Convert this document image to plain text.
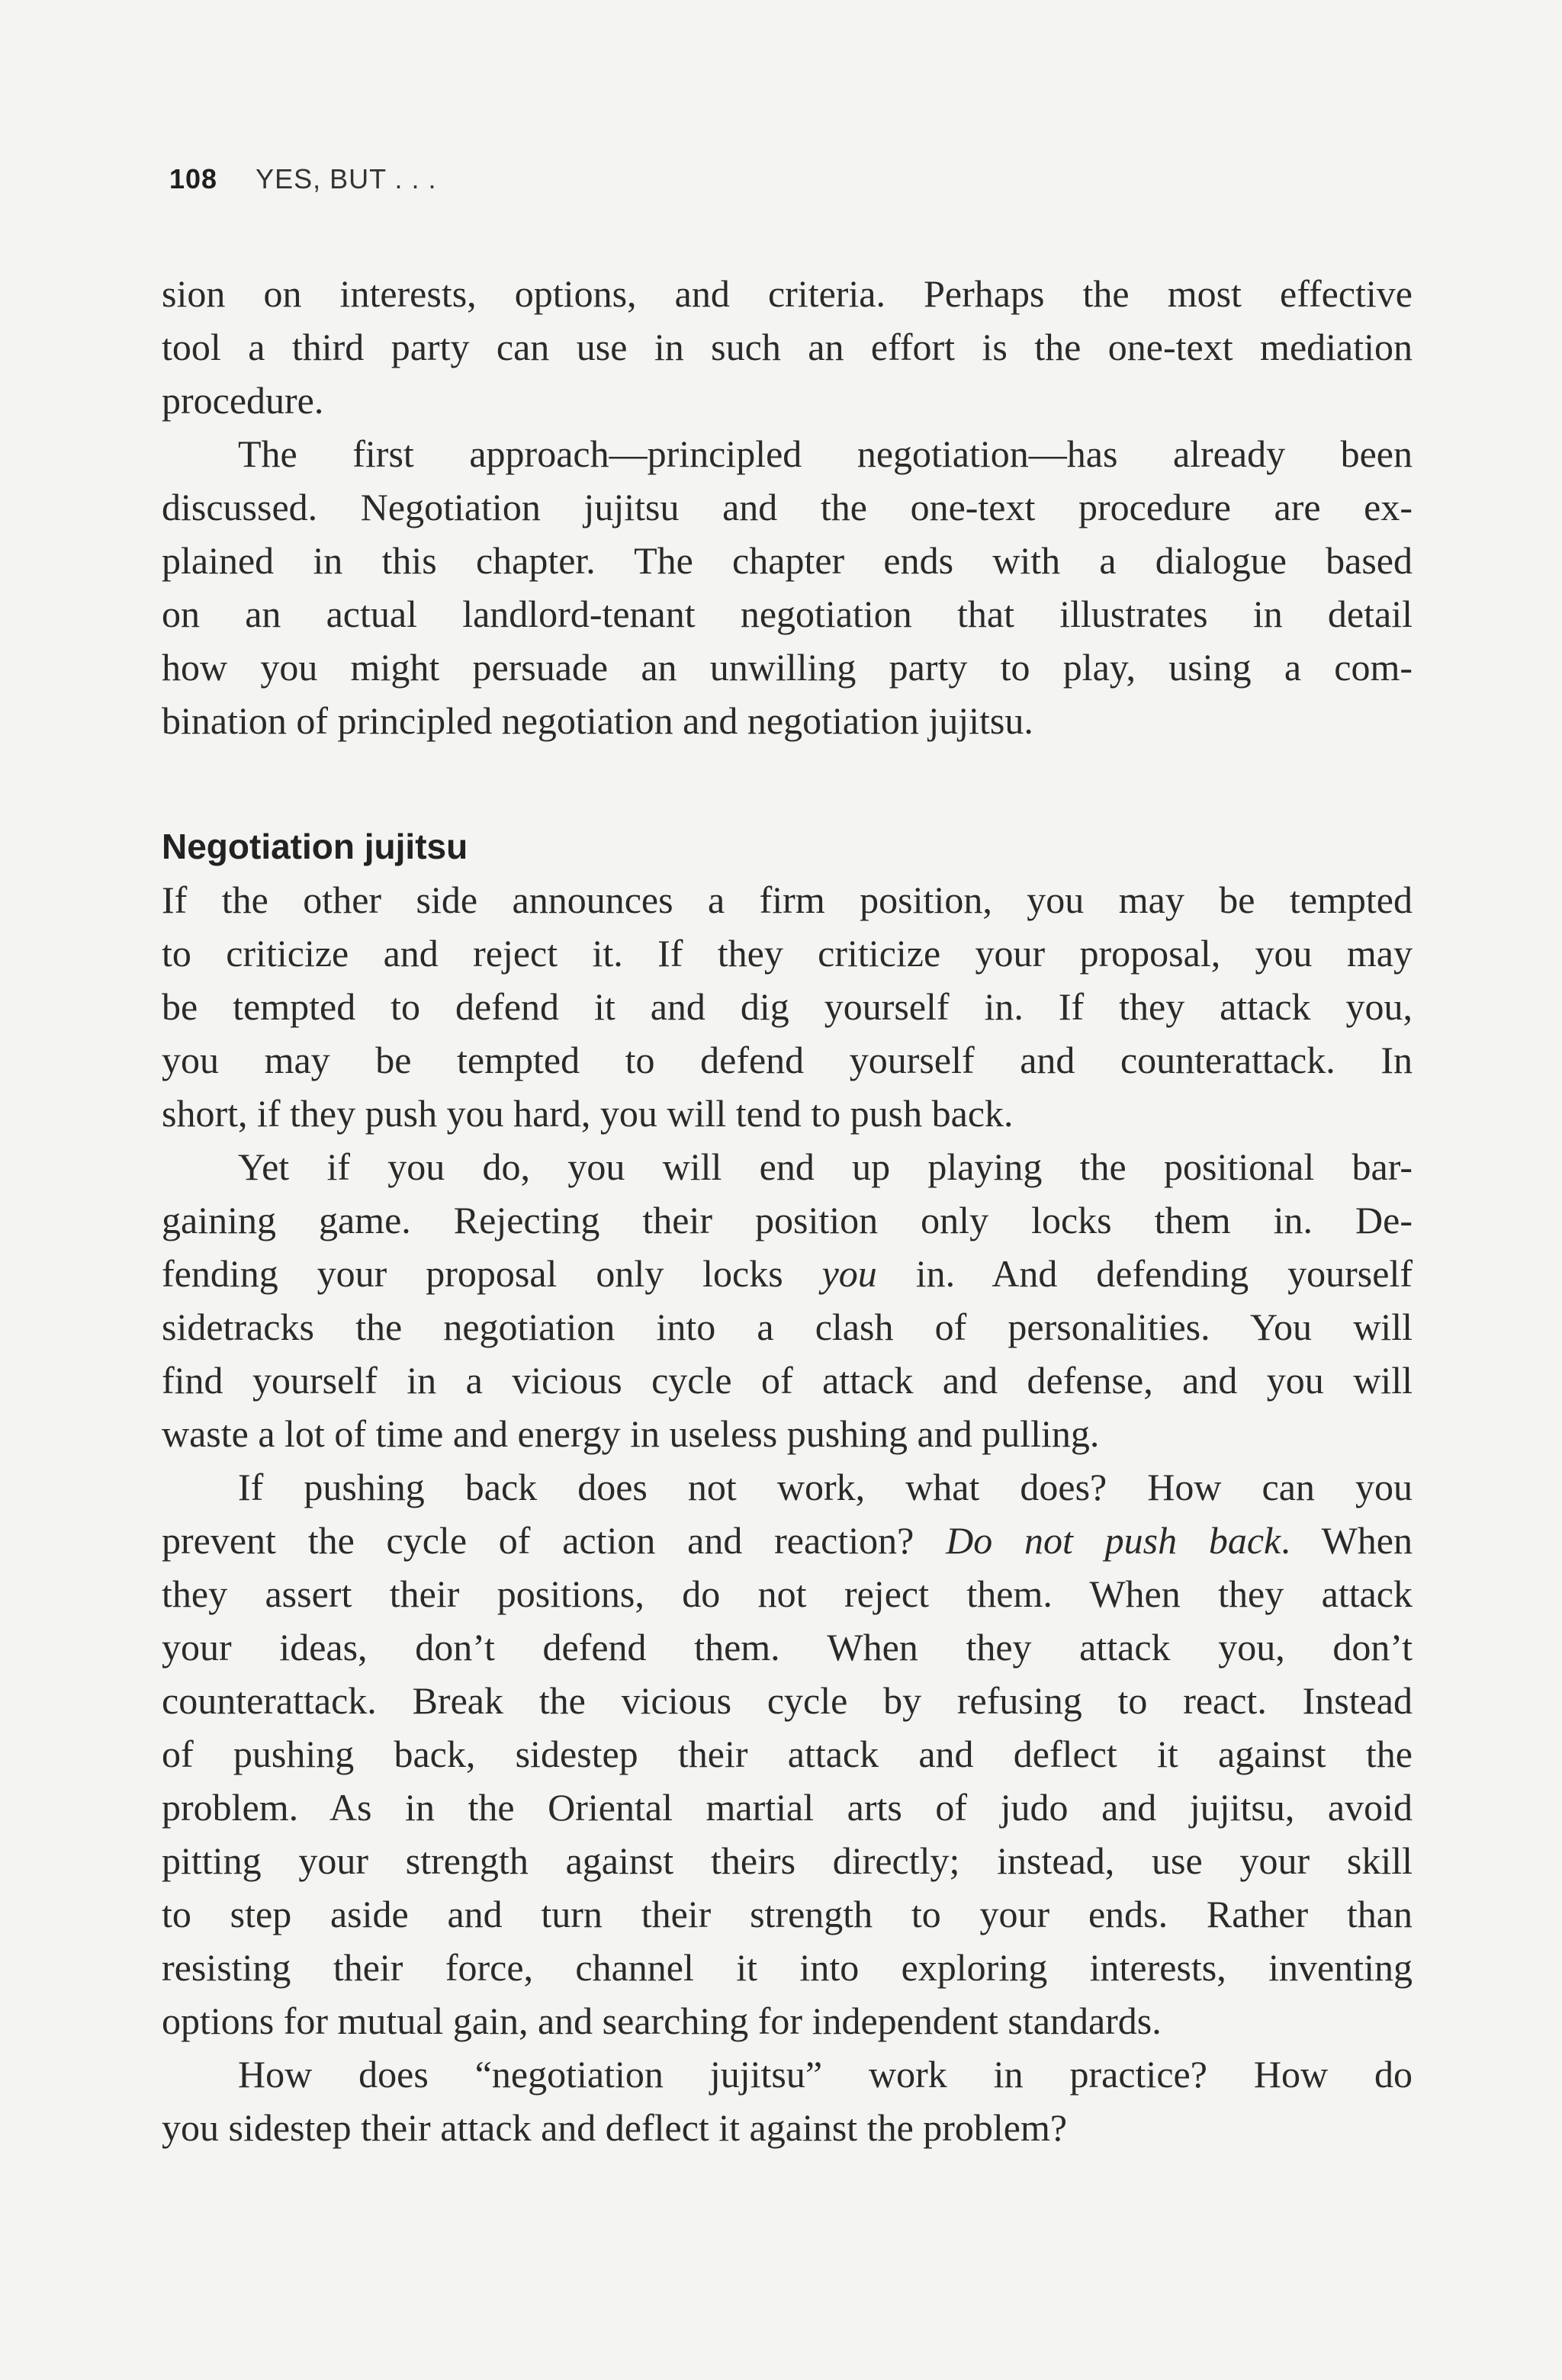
108 YES, BUT . . .
sion on interests, options, and criteria. Perhaps the most effective
tool a third party can use in such an effort is the one-text mediation
procedure.
The first approach—principled negotiation—has already been
discussed. Negotiation jujitsu and the one-text procedure are ex-
plained in this chapter. The chapter ends with a dialogue based
on an actual landlord-tenant negotiation that illustrates in detail
how you might persuade an unwilling party to play, using a com-
bination of principled negotiation and negotiation jujitsu.
If the other side announces a firm position, you may be tempted
to criticize and reject it. If they criticize your proposal, you may
be tempted to defend it and dig yourself in. If they attack you,
you may be tempted to defend yourself and counterattack. In
short, if they push you hard, you will tend to push back.
Yet if you do, you will end up playing the positional bar-
gaining game. Rejecting their position only locks them in. De-
fending your proposal only locks you in. And defending yourself
sidetracks the negotiation into a clash of personalities. You will
find yourself in a vicious cycle of attack and defense, and you will
waste a lot of time and energy in useless pushing and pulling.
If pushing back does not work, what does? How can you
prevent the cycle of action and reaction? Do not push back. When
they assert their positions, do not reject them. When they attack
your ideas, don’t defend them. When they attack you, don’t
counterattack. Break the vicious cycle by refusing to react. Instead
of pushing back, sidestep their attack and deflect it against the
problem. As in the Oriental martial arts of judo and jujitsu, avoid
pitting your strength against theirs directly; instead, use your skill
to step aside and turn their strength to your ends. Rather than
resisting their force, channel it into exploring interests, inventing
options for mutual gain, and searching for independent standards.
How does “negotiation jujitsu” work in practice? How do
you sidestep their attack and deflect it against the problem?
Negotiation jujitsu
